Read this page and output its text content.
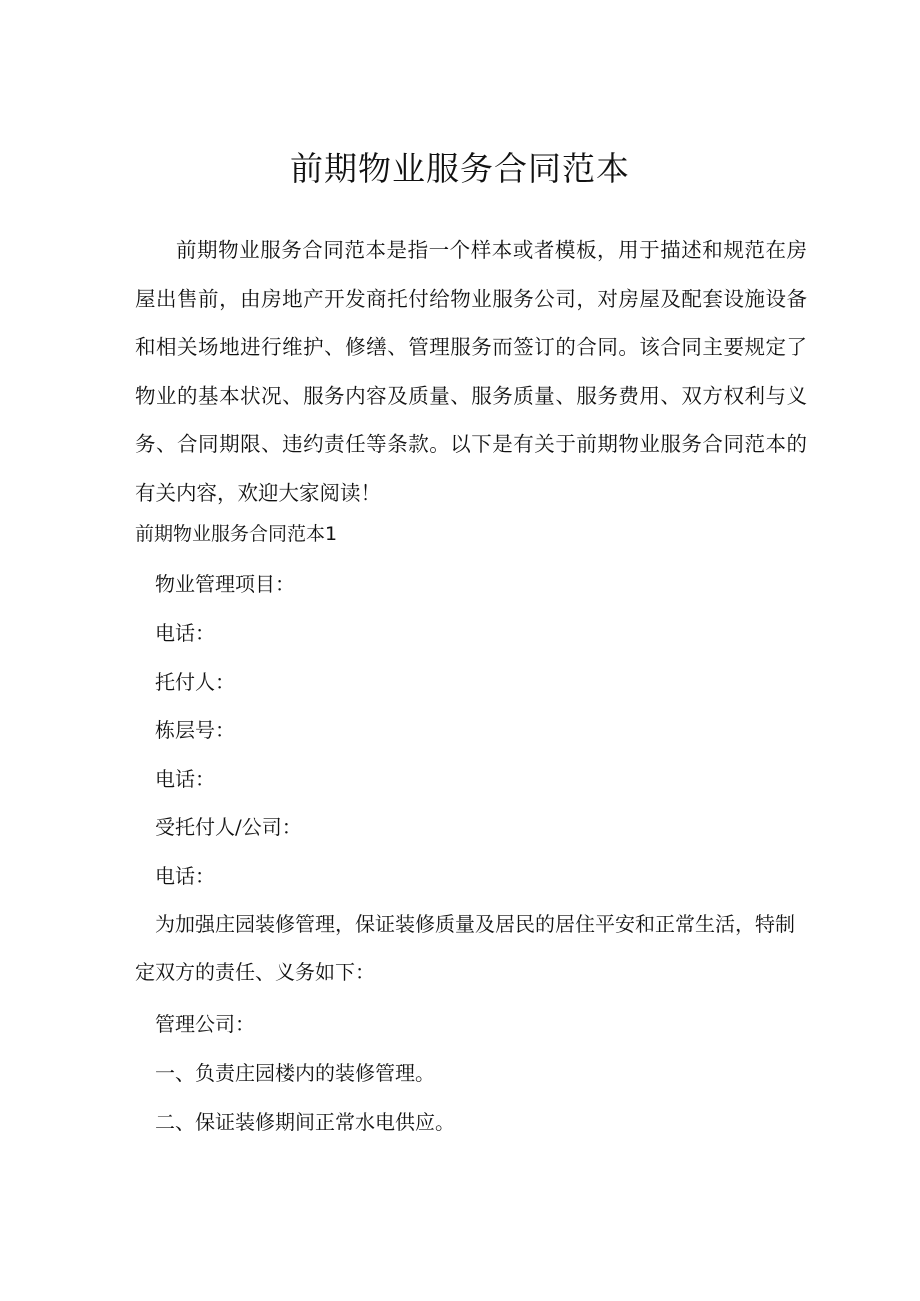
前期物业服务合同范本

前期物业服务合同范本是指一个样本或者模板，用于描述和规范在房屋出售前，由房地产开发商托付给物业服务公司，对房屋及配套设施设备和相关场地进行维护、修缮、管理服务而签订的合同。该合同主要规定了物业的基本状况、服务内容及质量、服务质量、服务费用、双方权利与义务、合同期限、违约责任等条款。以下是有关于前期物业服务合同范本的有关内容，欢迎大家阅读！

前期物业服务合同范本1

物业管理项目：

电话：

托付人：

栋层号：

电话：

受托付人/公司：

电话：

为加强庄园装修管理，保证装修质量及居民的居住平安和正常生活，特制定双方的责任、义务如下：

管理公司：

一、负责庄园楼内的装修管理。

二、保证装修期间正常水电供应。
